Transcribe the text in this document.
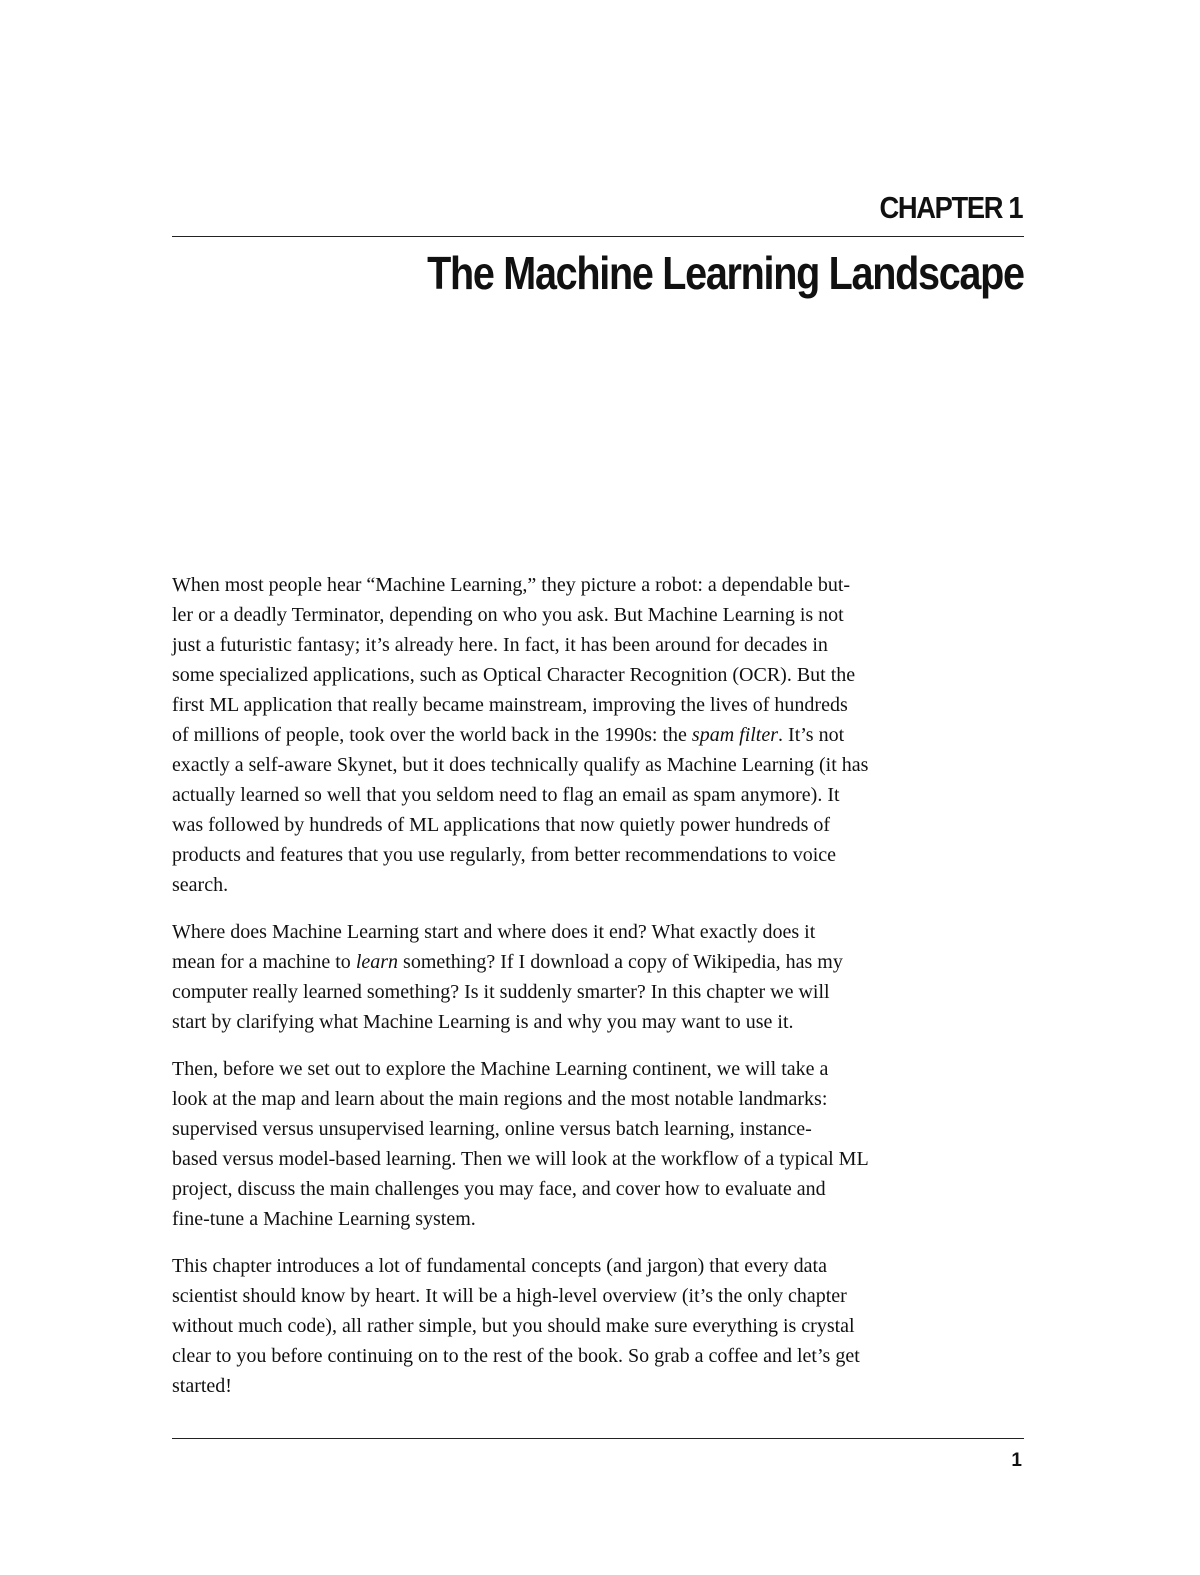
CHAPTER 1
The Machine Learning Landscape
When most people hear “Machine Learning,” they picture a robot: a dependable but-
ler or a deadly Terminator, depending on who you ask. But Machine Learning is not
just a futuristic fantasy; it’s already here. In fact, it has been around for decades in
some specialized applications, such as Optical Character Recognition (OCR). But the
first ML application that really became mainstream, improving the lives of hundreds
of millions of people, took over the world back in the 1990s: the spam filter. It’s not
exactly a self-aware Skynet, but it does technically qualify as Machine Learning (it has
actually learned so well that you seldom need to flag an email as spam anymore). It
was followed by hundreds of ML applications that now quietly power hundreds of
products and features that you use regularly, from better recommendations to voice
search.
Where does Machine Learning start and where does it end? What exactly does it
mean for a machine to learn something? If I download a copy of Wikipedia, has my
computer really learned something? Is it suddenly smarter? In this chapter we will
start by clarifying what Machine Learning is and why you may want to use it.
Then, before we set out to explore the Machine Learning continent, we will take a
look at the map and learn about the main regions and the most notable landmarks:
supervised versus unsupervised learning, online versus batch learning, instance-
based versus model-based learning. Then we will look at the workflow of a typical ML
project, discuss the main challenges you may face, and cover how to evaluate and
fine-tune a Machine Learning system.
This chapter introduces a lot of fundamental concepts (and jargon) that every data
scientist should know by heart. It will be a high-level overview (it’s the only chapter
without much code), all rather simple, but you should make sure everything is crystal
clear to you before continuing on to the rest of the book. So grab a coffee and let’s get
started!
1
